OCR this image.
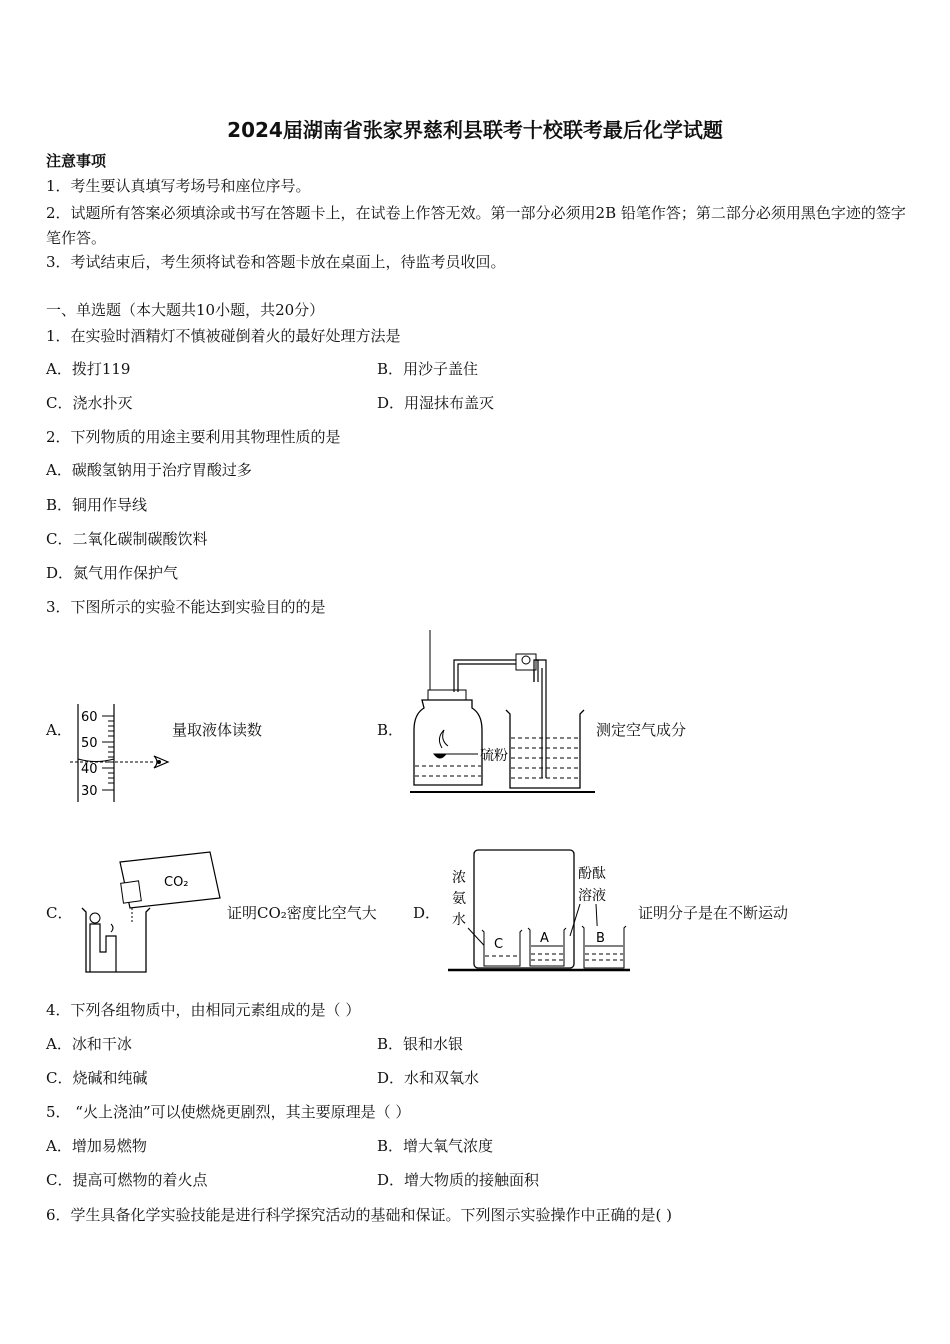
2024届湖南省张家界慈利县联考十校联考最后化学试题
注意事项
1．考生要认真填写考场号和座位序号。
2．试题所有答案必须填涂或书写在答题卡上，在试卷上作答无效。第一部分必须用2B 铅笔作答；第二部分必须用黑色字迹的签字笔作答。
3．考试结束后，考生须将试卷和答题卡放在桌面上，待监考员收回。
一、单选题（本大题共10小题，共20分）
1．在实验时酒精灯不慎被碰倒着火的最好处理方法是
A．拨打119	B．用沙子盖住
C．浇水扑灭	D．用湿抹布盖灭
2．下列物质的用途主要利用其物理性质的是
A．碳酸氢钠用于治疗胃酸过多
B．铜用作导线
C．二氧化碳制碳酸饮料
D．氮气用作保护气
3．下图所示的实验不能达到实验目的的是
A．	量取液体读数	B．	测定空气成分
C．	证明CO₂密度比空气大 D．	证明分子是在不断运动
60
50
40
30
硫粉
CO₂	浓
氨
水
酚酞
溶液
C	A	B
4．下列各组物质中，由相同元素组成的是（ ）
A．冰和干冰	B．银和水银
C．烧碱和纯碱	D．水和双氧水
5． “火上浇油”可以使燃烧更剧烈，其主要原理是（ ）
A．增加易燃物	B．增大氧气浓度
C．提高可燃物的着火点	D．增大物质的接触面积
6．学生具备化学实验技能是进行科学探究活动的基础和保证。下列图示实验操作中正确的是( )
